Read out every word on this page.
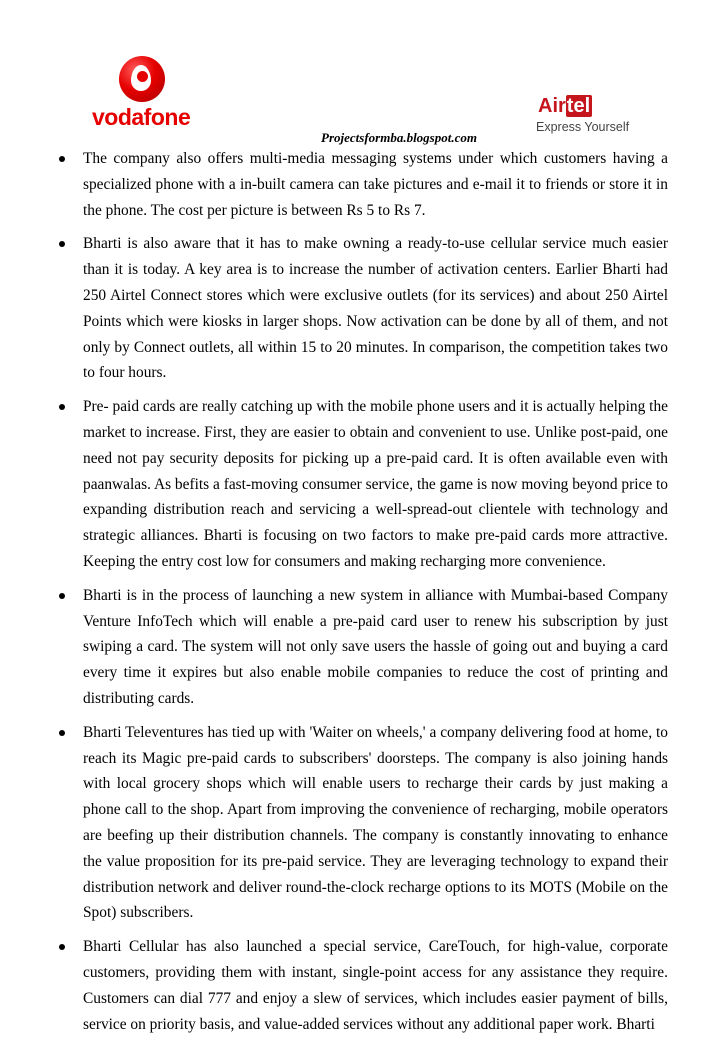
vodafone	Airtel
Express Yourself
Projectsformba.blogspot.com
The company also offers multi-media messaging systems under which customers having a specialized phone with a in-built camera can take pictures and e-mail it to friends or store it in the phone. The cost per picture is between Rs 5 to Rs 7.
Bharti is also aware that it has to make owning a ready-to-use cellular service much easier than it is today. A key area is to increase the number of activation centers. Earlier Bharti had 250 Airtel Connect stores which were exclusive outlets (for its services) and about 250 Airtel Points which were kiosks in larger shops. Now activation can be done by all of them, and not only by Connect outlets, all within 15 to 20 minutes. In comparison, the competition takes two to four hours.
Pre- paid cards are really catching up with the mobile phone users and it is actually helping the market to increase. First, they are easier to obtain and convenient to use. Unlike post-paid, one need not pay security deposits for picking up a pre-paid card. It is often available even with paanwalas. As befits a fast-moving consumer service, the game is now moving beyond price to expanding distribution reach and servicing a well-spread-out clientele with technology and strategic alliances. Bharti is focusing on two factors to make pre-paid cards more attractive. Keeping the entry cost low for consumers and making recharging more convenience.
Bharti is in the process of launching a new system in alliance with Mumbai-based Company Venture InfoTech which will enable a pre-paid card user to renew his subscription by just swiping a card. The system will not only save users the hassle of going out and buying a card every time it expires but also enable mobile companies to reduce the cost of printing and distributing cards.
Bharti Televentures has tied up with 'Waiter on wheels,' a company delivering food at home, to reach its Magic pre-paid cards to subscribers' doorsteps. The company is also joining hands with local grocery shops which will enable users to recharge their cards by just making a phone call to the shop. Apart from improving the convenience of recharging, mobile operators are beefing up their distribution channels. The company is constantly innovating to enhance the value proposition for its pre-paid service. They are leveraging technology to expand their distribution network and deliver round-the-clock recharge options to its MOTS (Mobile on the Spot) subscribers.
Bharti Cellular has also launched a special service, CareTouch, for high-value, corporate customers, providing them with instant, single-point access for any assistance they require. Customers can dial 777 and enjoy a slew of services, which includes easier payment of bills, service on priority basis, and value-added services without any additional paper work. Bharti
